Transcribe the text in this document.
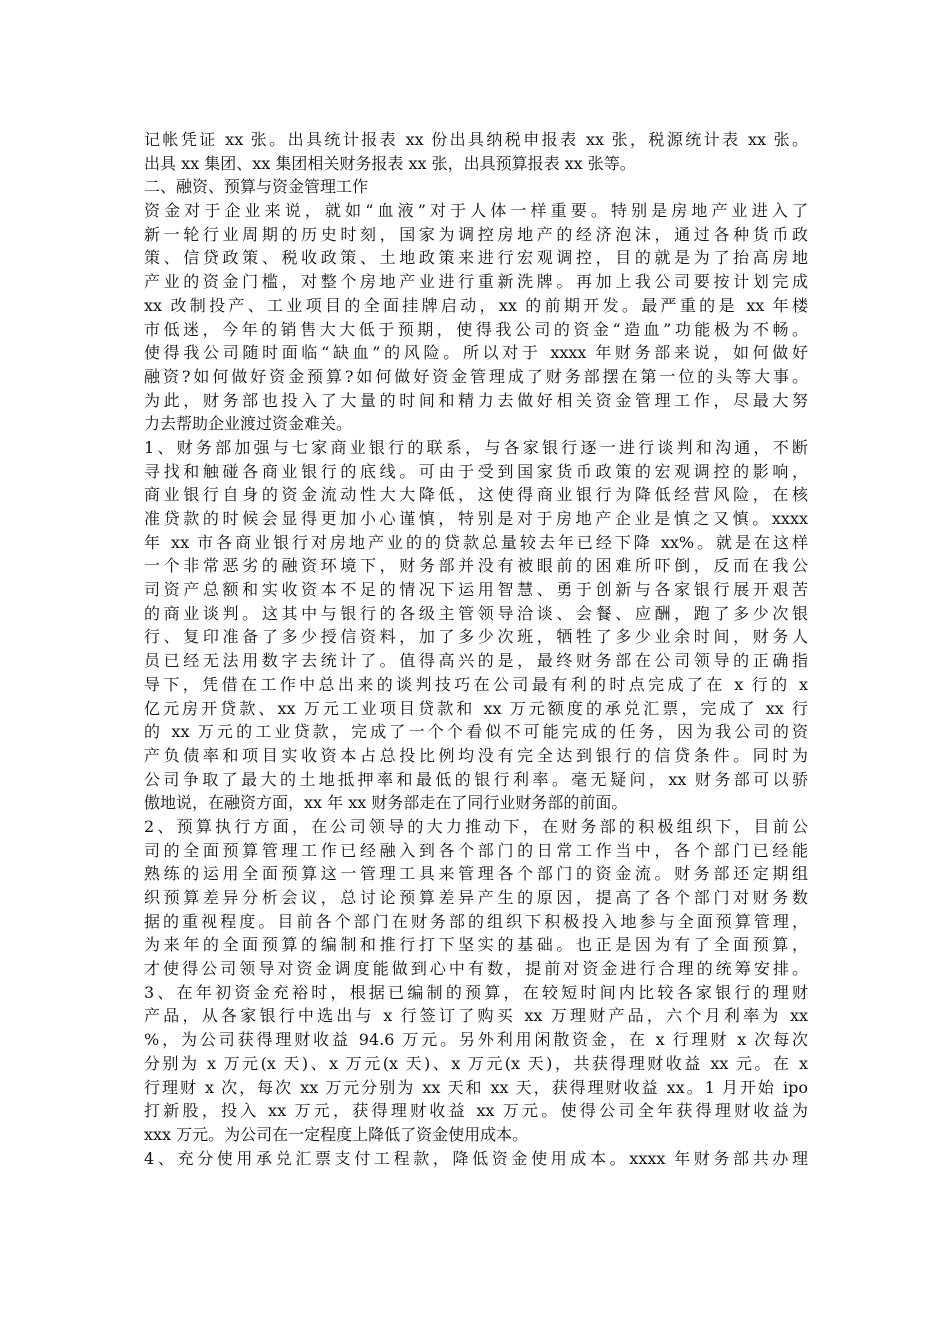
记帐凭证 xx 张。出具统计报表 xx 份出具纳税申报表 xx 张，税源统计表 xx 张。
出具 xx 集团、xx 集团相关财务报表 xx 张，出具预算报表 xx 张等。
二、融资、预算与资金管理工作
资金对于企业来说，就如“血液”对于人体一样重要。特别是房地产业进入了
新一轮行业周期的历史时刻，国家为调控房地产的经济泡沫，通过各种货币政
策、信贷政策、税收政策、土地政策来进行宏观调控，目的就是为了抬高房地
产业的资金门槛，对整个房地产业进行重新洗牌。再加上我公司要按计划完成
xx 改制投产、工业项目的全面挂牌启动，xx 的前期开发。最严重的是 xx 年楼
市低迷，今年的销售大大低于预期，使得我公司的资金“造血”功能极为不畅。
使得我公司随时面临“缺血”的风险。所以对于 xxxx 年财务部来说，如何做好
融资?如何做好资金预算?如何做好资金管理成了财务部摆在第一位的头等大事。
为此，财务部也投入了大量的时间和精力去做好相关资金管理工作，尽最大努
力去帮助企业渡过资金难关。
1、财务部加强与七家商业银行的联系，与各家银行逐一进行谈判和沟通，不断
寻找和触碰各商业银行的底线。可由于受到国家货币政策的宏观调控的影响，
商业银行自身的资金流动性大大降低，这使得商业银行为降低经营风险，在核
准贷款的时候会显得更加小心谨慎，特别是对于房地产企业是慎之又慎。xxxx
年 xx 市各商业银行对房地产业的的贷款总量较去年已经下降 xx%。就是在这样
一个非常恶劣的融资环境下，财务部并没有被眼前的困难所吓倒，反而在我公
司资产总额和实收资本不足的情况下运用智慧、勇于创新与各家银行展开艰苦
的商业谈判。这其中与银行的各级主管领导洽谈、会餐、应酬，跑了多少次银
行、复印准备了多少授信资料，加了多少次班，牺牲了多少业余时间，财务人
员已经无法用数字去统计了。值得高兴的是，最终财务部在公司领导的正确指
导下，凭借在工作中总出来的谈判技巧在公司最有利的时点完成了在 x 行的 x
亿元房开贷款、xx 万元工业项目贷款和 xx 万元额度的承兑汇票，完成了 xx 行
的 xx 万元的工业贷款，完成了一个个看似不可能完成的任务，因为我公司的资
产负债率和项目实收资本占总投比例均没有完全达到银行的信贷条件。同时为
公司争取了最大的土地抵押率和最低的银行利率。毫无疑问，xx 财务部可以骄
傲地说，在融资方面，xx 年 xx 财务部走在了同行业财务部的前面。
2、预算执行方面，在公司领导的大力推动下，在财务部的积极组织下，目前公
司的全面预算管理工作已经融入到各个部门的日常工作当中，各个部门已经能
熟练的运用全面预算这一管理工具来管理各个部门的资金流。财务部还定期组
织预算差异分析会议，总讨论预算差异产生的原因，提高了各个部门对财务数
据的重视程度。目前各个部门在财务部的组织下积极投入地参与全面预算管理，
为来年的全面预算的编制和推行打下坚实的基础。也正是因为有了全面预算，
才使得公司领导对资金调度能做到心中有数，提前对资金进行合理的统筹安排。
3、在年初资金充裕时，根据已编制的预算，在较短时间内比较各家银行的理财
产品，从各家银行中选出与 x 行签订了购买 xx 万理财产品，六个月利率为 xx
%，为公司获得理财收益 94.6 万元。另外利用闲散资金，在 x 行理财 x 次每次
分别为 x 万元(x 天)、x 万元(x 天)、x 万元(x 天)，共获得理财收益 xx 元。在 x
行理财 x 次，每次 xx 万元分别为 xx 天和 xx 天，获得理财收益 xx。1 月开始 ipo
打新股，投入 xx 万元，获得理财收益 xx 万元。使得公司全年获得理财收益为
xxx 万元。为公司在一定程度上降低了资金使用成本。
4、充分使用承兑汇票支付工程款，降低资金使用成本。xxxx 年财务部共办理
